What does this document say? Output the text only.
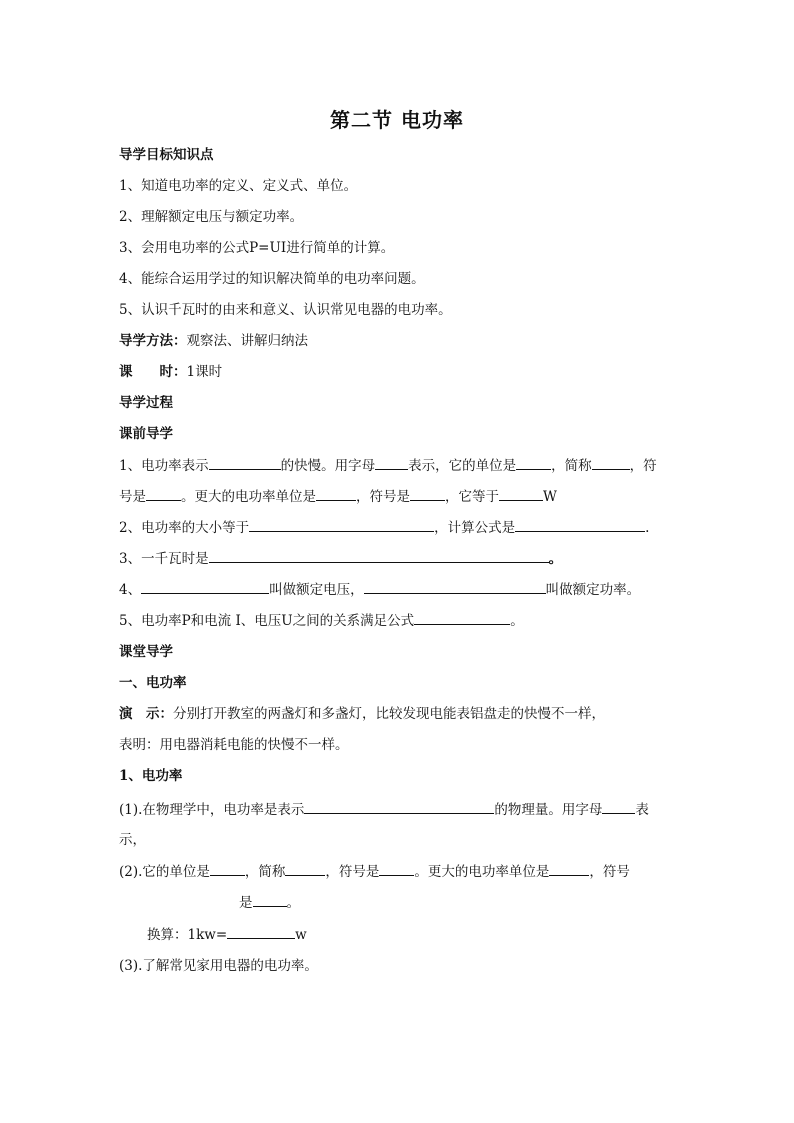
第二节 电功率
导学目标知识点
1、知道电功率的定义、定义式、单位。
2、理解额定电压与额定功率。
3、会用电功率的公式P=UI进行简单的计算。
4、能综合运用学过的知识解决简单的电功率问题。
5、认识千瓦时的由来和意义、认识常见电器的电功率。
导学方法：观察法、讲解归纳法
课　　时：1课时
导学过程
课前导学
1、电功率表示	的快慢。用字母 表示，它的单位是	，简称	，符
号是	。更大的电功率单位是	，符号是	，它等于	W
2、电功率的大小等于	，计算公式是	.
3、一千瓦时是	。
4、	叫做额定电压，	叫做额定功率。
5、电功率P和电流 I、电压U之间的关系满足公式	。
课堂导学
一、电功率
演　示：分别打开教室的两盏灯和多盏灯，比较发现电能表铝盘走的快慢不一样，
表明：用电器消耗电能的快慢不一样。
1、电功率
(1).在物理学中，电功率是表示	的物理量。用字母 表
示，
(2).它的单位是	，简称	，符号是	。更大的电功率单位是	，符号
是	。
换算：1kw=	w
(3).了解常见家用电器的电功率。
